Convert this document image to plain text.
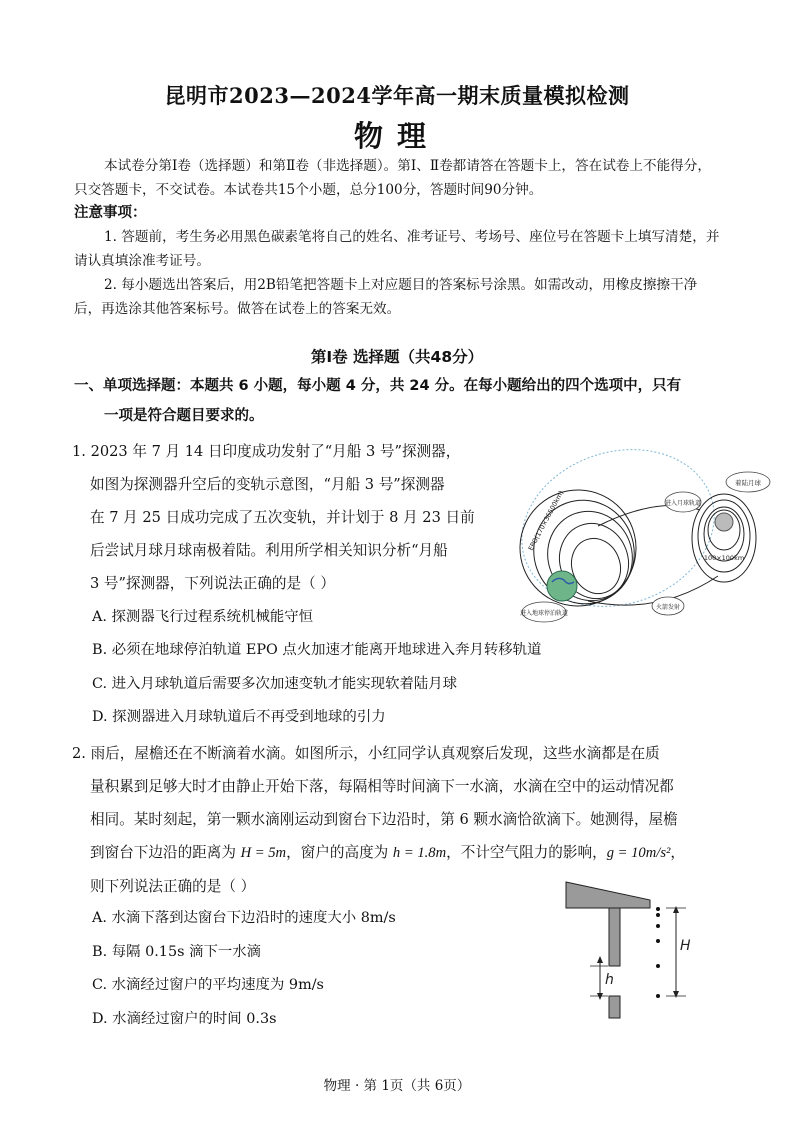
昆明市2023—2024学年高一期末质量模拟检测
物理
本试卷分第Ⅰ卷（选择题）和第Ⅱ卷（非选择题）。第Ⅰ、Ⅱ卷都请答在答题卡上，答在试卷上不能得分，只交答题卡，不交试卷。本试卷共15个小题，总分100分，答题时间90分钟。
注意事项：
1. 答题前，考生务必用黑色碳素笔将自己的姓名、准考证号、考场号、座位号在答题卡上填写清楚，并请认真填涂准考证号。
2. 每小题选出答案后，用2B铅笔把答题卡上对应题目的答案标号涂黑。如需改动，用橡皮擦擦干净后，再选涂其他答案标号。做答在试卷上的答案无效。
第Ⅰ卷 选择题（共48分）
一、单项选择题：本题共 6 小题，每小题 4 分，共 24 分。在每小题给出的四个选项中，只有
一项是符合题目要求的。
1. 2023 年 7 月 14 日印度成功发射了“月船 3 号”探测器，
如图为探测器升空后的变轨示意图，“月船 3 号”探测器
在 7 月 25 日成功完成了五次变轨，并计划于 8 月 23 日前
后尝试月球月球南极着陆。利用所学相关知识分析“月船
3 号”探测器，下列说法正确的是（ ）
A. 探测器飞行过程系统机械能守恒
B. 必须在地球停泊轨道 EPO 点火加速才能离开地球进入奔月转移轨道
C. 进入月球轨道后需要多次加速变轨才能实现软着陆月球
D. 探测器进入月球轨道后不再受到地球的引力
着陆月球
进入月球轨道
100×100km
EPO(170×36500km)
进入地球停泊轨道
火箭发射
2. 雨后，屋檐还在不断滴着水滴。如图所示，小红同学认真观察后发现，这些水滴都是在质
量积累到足够大时才由静止开始下落，每隔相等时间滴下一水滴，水滴在空中的运动情况都
相同。某时刻起，第一颗水滴刚运动到窗台下边沿时，第 6 颗水滴恰欲滴下。她测得，屋檐
到窗台下边沿的距离为 H = 5m，窗户的高度为 h = 1.8m，不计空气阻力的影响，g = 10m/s²，
则下列说法正确的是（ ）
A. 水滴下落到达窗台下边沿时的速度大小 8m/s
B. 每隔 0.15s 滴下一水滴
C. 水滴经过窗户的平均速度为 9m/s
D. 水滴经过窗户的时间 0.3s
h
H
物理 · 第 1页（共 6页）
